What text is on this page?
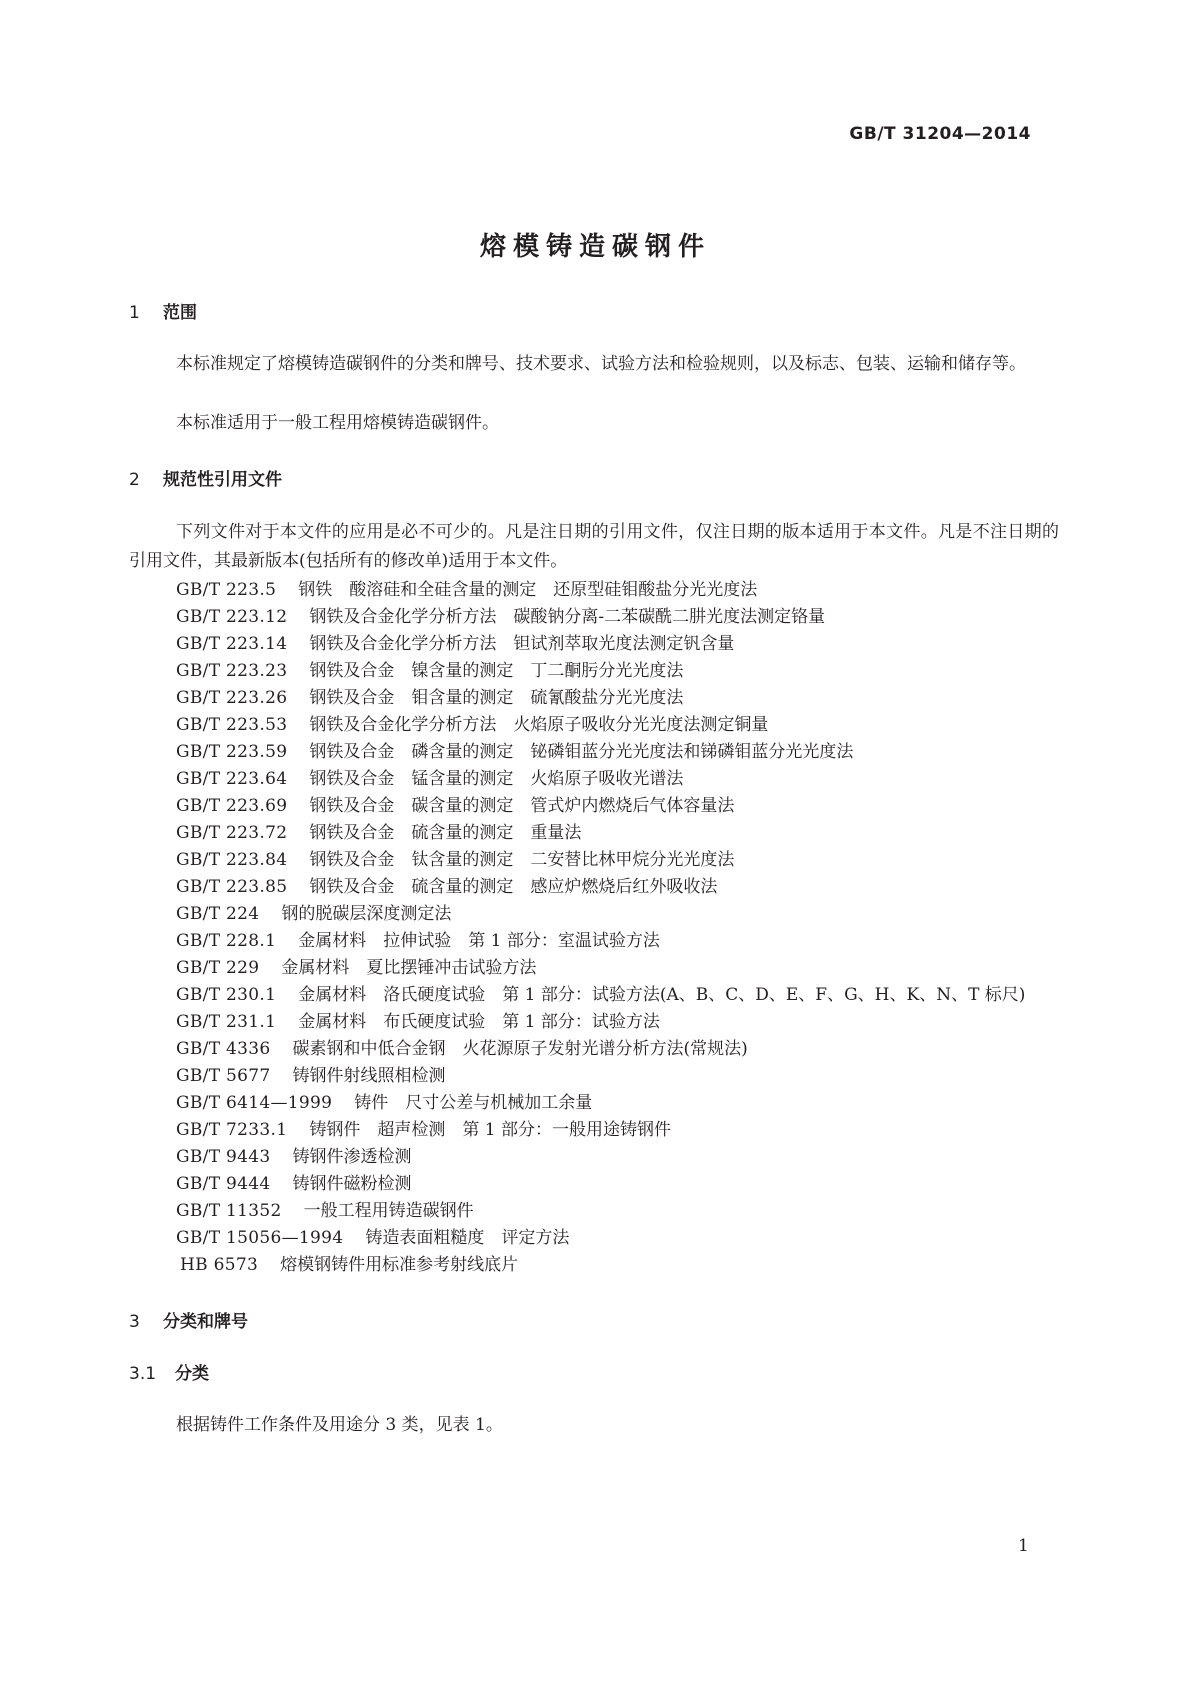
GB/T 31204—2014
熔模铸造碳钢件
1 范围
本标准规定了熔模铸造碳钢件的分类和牌号、技术要求、试验方法和检验规则，以及标志、包装、运输和储存等。
本标准适用于一般工程用熔模铸造碳钢件。
2 规范性引用文件
下列文件对于本文件的应用是必不可少的。凡是注日期的引用文件，仅注日期的版本适用于本文件。凡是不注日期的引用文件，其最新版本(包括所有的修改单)适用于本文件。
GB/T 223.5 钢铁　酸溶硅和全硅含量的测定　还原型硅钼酸盐分光光度法
GB/T 223.12 钢铁及合金化学分析方法　碳酸钠分离-二苯碳酰二肼光度法测定铬量
GB/T 223.14 钢铁及合金化学分析方法　钽试剂萃取光度法测定钒含量
GB/T 223.23 钢铁及合金　镍含量的测定　丁二酮肟分光光度法
GB/T 223.26 钢铁及合金　钼含量的测定　硫氰酸盐分光光度法
GB/T 223.53 钢铁及合金化学分析方法　火焰原子吸收分光光度法测定铜量
GB/T 223.59 钢铁及合金　磷含量的测定　铋磷钼蓝分光光度法和锑磷钼蓝分光光度法
GB/T 223.64 钢铁及合金　锰含量的测定　火焰原子吸收光谱法
GB/T 223.69 钢铁及合金　碳含量的测定　管式炉内燃烧后气体容量法
GB/T 223.72 钢铁及合金　硫含量的测定　重量法
GB/T 223.84 钢铁及合金　钛含量的测定　二安替比林甲烷分光光度法
GB/T 223.85 钢铁及合金　硫含量的测定　感应炉燃烧后红外吸收法
GB/T 224 钢的脱碳层深度测定法
GB/T 228.1 金属材料　拉伸试验　第 1 部分：室温试验方法
GB/T 229 金属材料　夏比摆锤冲击试验方法
GB/T 230.1 金属材料　洛氏硬度试验　第 1 部分：试验方法(A、B、C、D、E、F、G、H、K、N、T 标尺)
GB/T 231.1 金属材料　布氏硬度试验　第 1 部分：试验方法
GB/T 4336 碳素钢和中低合金钢　火花源原子发射光谱分析方法(常规法)
GB/T 5677 铸钢件射线照相检测
GB/T 6414—1999 铸件　尺寸公差与机械加工余量
GB/T 7233.1 铸钢件　超声检测　第 1 部分：一般用途铸钢件
GB/T 9443 铸钢件渗透检测
GB/T 9444 铸钢件磁粉检测
GB/T 11352 一般工程用铸造碳钢件
GB/T 15056—1994 铸造表面粗糙度　评定方法
HB 6573 熔模钢铸件用标准参考射线底片
3 分类和牌号
3.1 分类
根据铸件工作条件及用途分 3 类，见表 1。
1
